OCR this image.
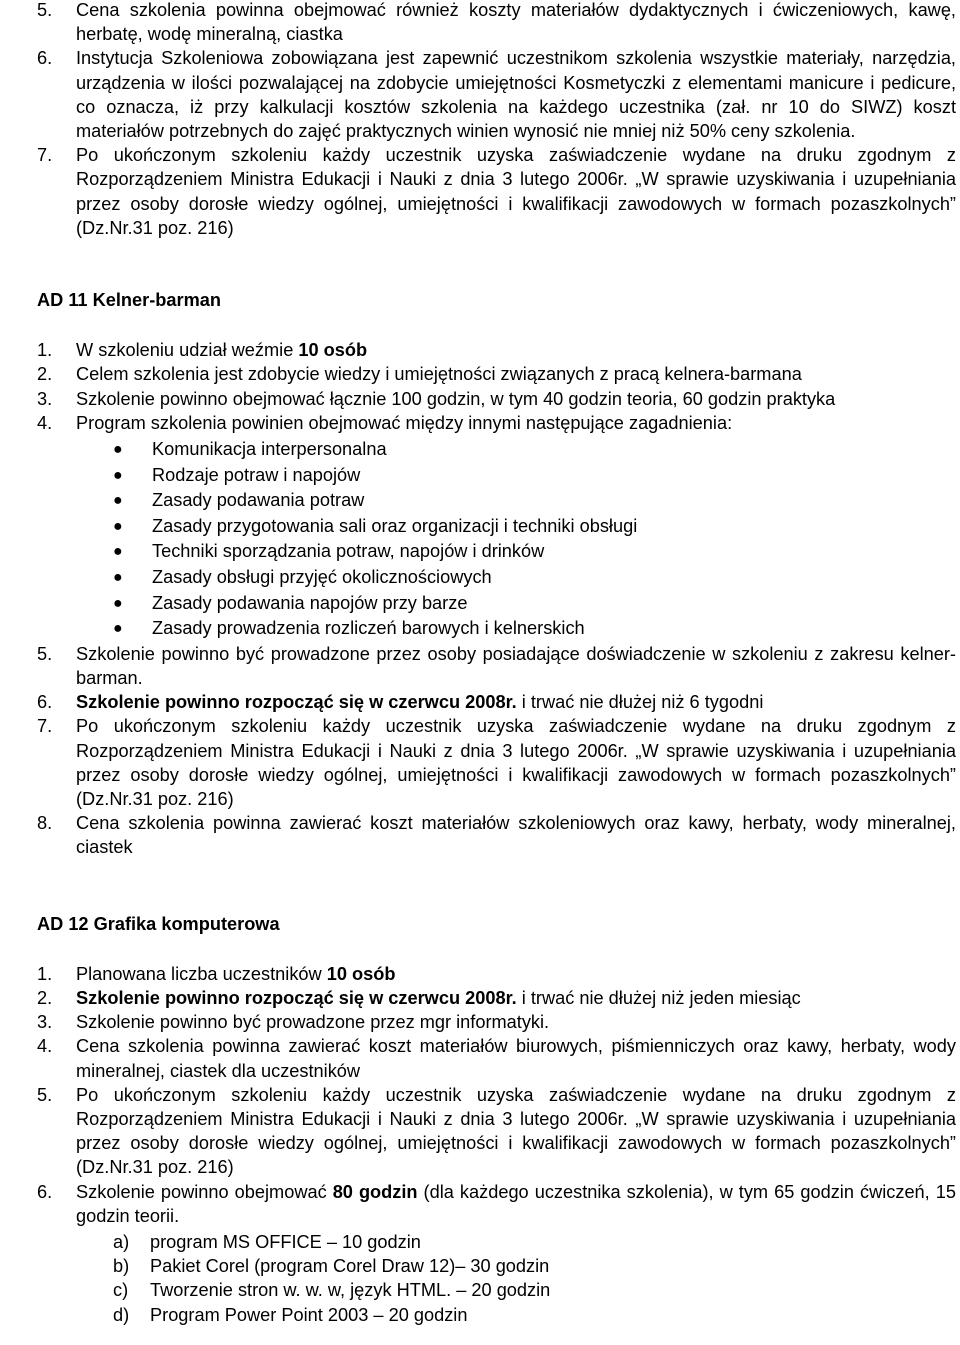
5.	Cena szkolenia powinna obejmować również koszty materiałów dydaktycznych i ćwiczeniowych, kawę, herbatę, wodę mineralną, ciastka
6.	Instytucja Szkoleniowa zobowiązana jest zapewnić uczestnikom szkolenia wszystkie materiały, narzędzia, urządzenia w ilości pozwalającej na zdobycie umiejętności Kosmetyczki z elementami manicure i pedicure, co oznacza, iż przy kalkulacji kosztów szkolenia na każdego uczestnika (zał. nr 10 do SIWZ) koszt materiałów potrzebnych do zajęć praktycznych winien wynosić nie mniej niż 50% ceny szkolenia.
7.	Po ukończonym szkoleniu każdy uczestnik uzyska zaświadczenie wydane na druku zgodnym z Rozporządzeniem Ministra Edukacji i Nauki z dnia 3 lutego 2006r. „W sprawie uzyskiwania i uzupełniania przez osoby dorosłe wiedzy ogólnej, umiejętności i kwalifikacji zawodowych w formach pozaszkolnych” (Dz.Nr.31 poz. 216)

AD 11 Kelner-barman

1.	W szkoleniu udział weźmie 10 osób
2.	Celem szkolenia jest zdobycie wiedzy i umiejętności związanych z pracą kelnera-barmana
3.	Szkolenie powinno obejmować łącznie 100 godzin, w tym 40 godzin teoria, 60 godzin praktyka
4.	Program szkolenia powinien obejmować między innymi następujące zagadnienia:
●	Komunikacja interpersonalna
●	Rodzaje potraw i napojów
●	Zasady podawania potraw
●	Zasady przygotowania sali oraz organizacji i techniki obsługi
●	Techniki sporządzania potraw, napojów i drinków
●	Zasady obsługi przyjęć okolicznościowych
●	Zasady podawania napojów przy barze
●	Zasady prowadzenia rozliczeń barowych i kelnerskich
5.	Szkolenie powinno być prowadzone przez osoby posiadające doświadczenie w szkoleniu z zakresu kelner-barman.
6.	Szkolenie powinno rozpocząć się w czerwcu 2008r. i trwać nie dłużej niż 6 tygodni
7.	Po ukończonym szkoleniu każdy uczestnik uzyska zaświadczenie wydane na druku zgodnym z Rozporządzeniem Ministra Edukacji i Nauki z dnia 3 lutego 2006r. „W sprawie uzyskiwania i uzupełniania przez osoby dorosłe wiedzy ogólnej, umiejętności i kwalifikacji zawodowych w formach pozaszkolnych” (Dz.Nr.31 poz. 216)
8.	Cena szkolenia powinna zawierać koszt materiałów szkoleniowych oraz kawy, herbaty, wody mineralnej, ciastek

AD 12 Grafika komputerowa

1.	Planowana liczba uczestników 10 osób
2.	Szkolenie powinno rozpocząć się w czerwcu 2008r. i trwać nie dłużej niż jeden miesiąc
3.	Szkolenie powinno być prowadzone przez mgr informatyki.
4.	Cena szkolenia powinna zawierać koszt materiałów biurowych, piśmienniczych oraz kawy, herbaty, wody mineralnej, ciastek dla uczestników
5.	Po ukończonym szkoleniu każdy uczestnik uzyska zaświadczenie wydane na druku zgodnym z Rozporządzeniem Ministra Edukacji i Nauki z dnia 3 lutego 2006r. „W sprawie uzyskiwania i uzupełniania przez osoby dorosłe wiedzy ogólnej, umiejętności i kwalifikacji zawodowych w formach pozaszkolnych” (Dz.Nr.31 poz. 216)
6.	Szkolenie powinno obejmować 80 godzin (dla każdego uczestnika szkolenia), w tym 65 godzin ćwiczeń, 15 godzin teorii.
a)	program MS OFFICE – 10 godzin
b)	Pakiet Corel (program Corel Draw 12)– 30 godzin
c)	Tworzenie stron w. w. w, język HTML. – 20 godzin
d)	Program Power Point 2003 – 20 godzin
